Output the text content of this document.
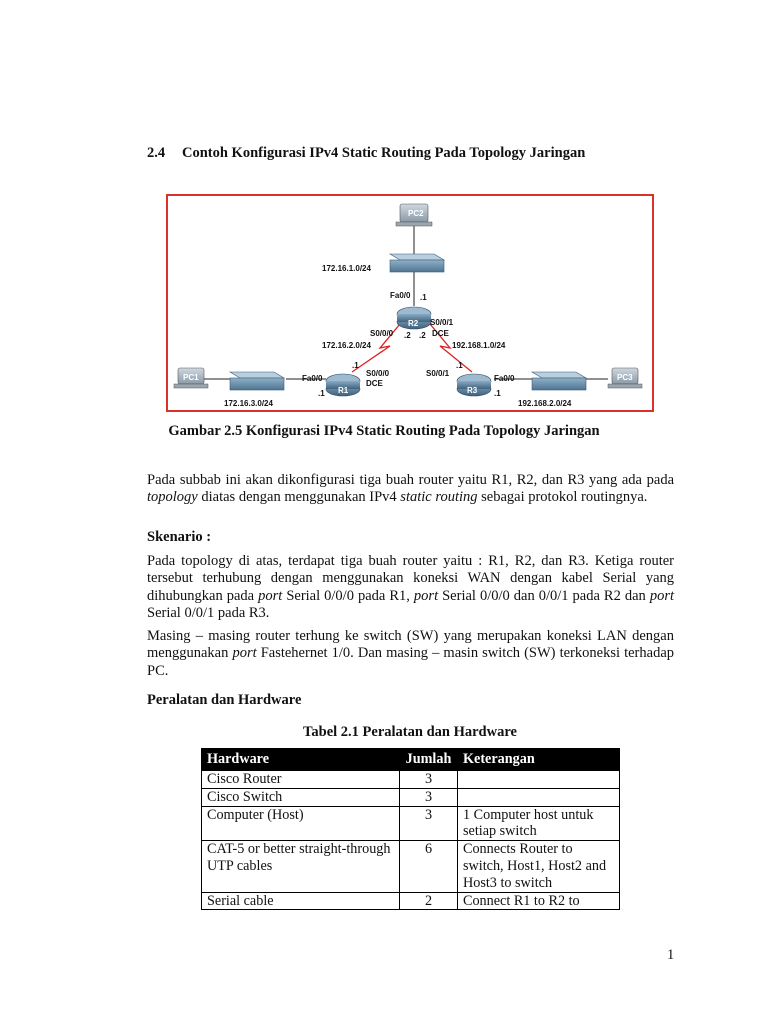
2.4 Contoh Konfigurasi IPv4 Static Routing Pada Topology Jaringan
PC2
R2
PC1
R1	R3
PC3
172.16.1.0/24
Fa0/0 .1
S0/0/1
DCE
S0/0/0 .2 .2
172.16.2.0/24	192.168.1.0/24
.1
S0/0/0
DCE
Fa0/0
.1
.1
S0/0/1
Fa0/0
.1
172.16.3.0/24	192.168.2.0/24

Gambar 2.5 Konfigurasi IPv4 Static Routing Pada Topology Jaringan

Pada subbab ini akan dikonfigurasi tiga buah router yaitu R1, R2, dan R3 yang ada pada topology diatas dengan menggunakan IPv4 static routing sebagai protokol routingnya.

Skenario :

Pada topology di atas, terdapat tiga buah router yaitu : R1, R2, dan R3. Ketiga router tersebut terhubung dengan menggunakan koneksi WAN dengan kabel Serial yang dihubungkan pada port Serial 0/0/0 pada R1, port Serial 0/0/0 dan 0/0/1 pada R2 dan port Serial 0/0/1 pada R3.

Masing – masing router terhung ke switch (SW) yang merupakan koneksi LAN dengan menggunakan port Fastehernet 1/0. Dan masing – masin switch (SW) terkoneksi terhadap PC.

Peralatan dan Hardware

Tabel 2.1 Peralatan dan Hardware

Hardware	Jumlah	Keterangan
Cisco Router	3	
Cisco Switch	3	
Computer (Host)	3	1 Computer host untuk setiap switch
CAT-5 or better straight-through UTP cables	6	Connects Router to switch, Host1, Host2 and Host3 to switch
Serial cable	2	Connect R1 to R2 to

1
